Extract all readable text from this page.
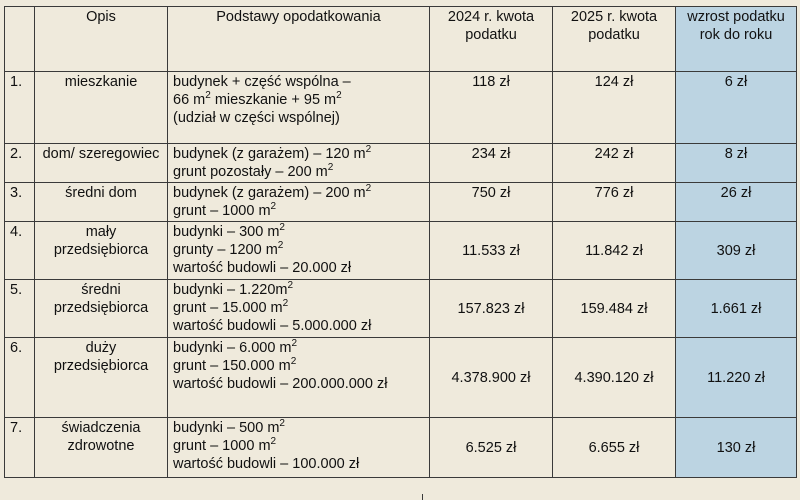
	Opis	Podstawy opodatkowania	2024 r. kwota podatku	2025 r. kwota podatku	wzrost podatku rok do roku
1.	mieszkanie	budynek + część wspólna –
66 $m^2$ mieszkanie + 95 $m^2$
(udział w części wspólnej)	118 zł	124 zł	6 zł
2.	dom/ szeregowiec	budynek (z garażem) – 120 $m^2$
grunt pozostały – 200 $m^2$	234 zł	242 zł	8 zł
3.	średni dom	budynek (z garażem) – 200 $m^2$
grunt – 1000 $m^2$	750 zł	776 zł	26 zł
4.	mały przedsiębiorca	budynki – 300 $m^2$
grunty – 1200 $m^2$
wartość budowli – 20.000 zł	11.533 zł	11.842 zł	309 zł
5.	średni przedsiębiorca	budynki – $1.220m^2$
grunt – 15.000 $m^2$
wartość budowli – 5.000.000 zł	157.823 zł	159.484 zł	1.661 zł
6.	duży przedsiębiorca	budynki – 6.000 $m^2$
grunt – 150.000 $m^2$
wartość budowli – 200.000.000 zł	4.378.900 zł	4.390.120 zł	11.220 zł
7.	świadczenia zdrowotne	budynki – 500 $m^2$
grunt – 1000 $m^2$
wartość budowli – 100.000 zł	6.525 zł	6.655 zł	130 zł
